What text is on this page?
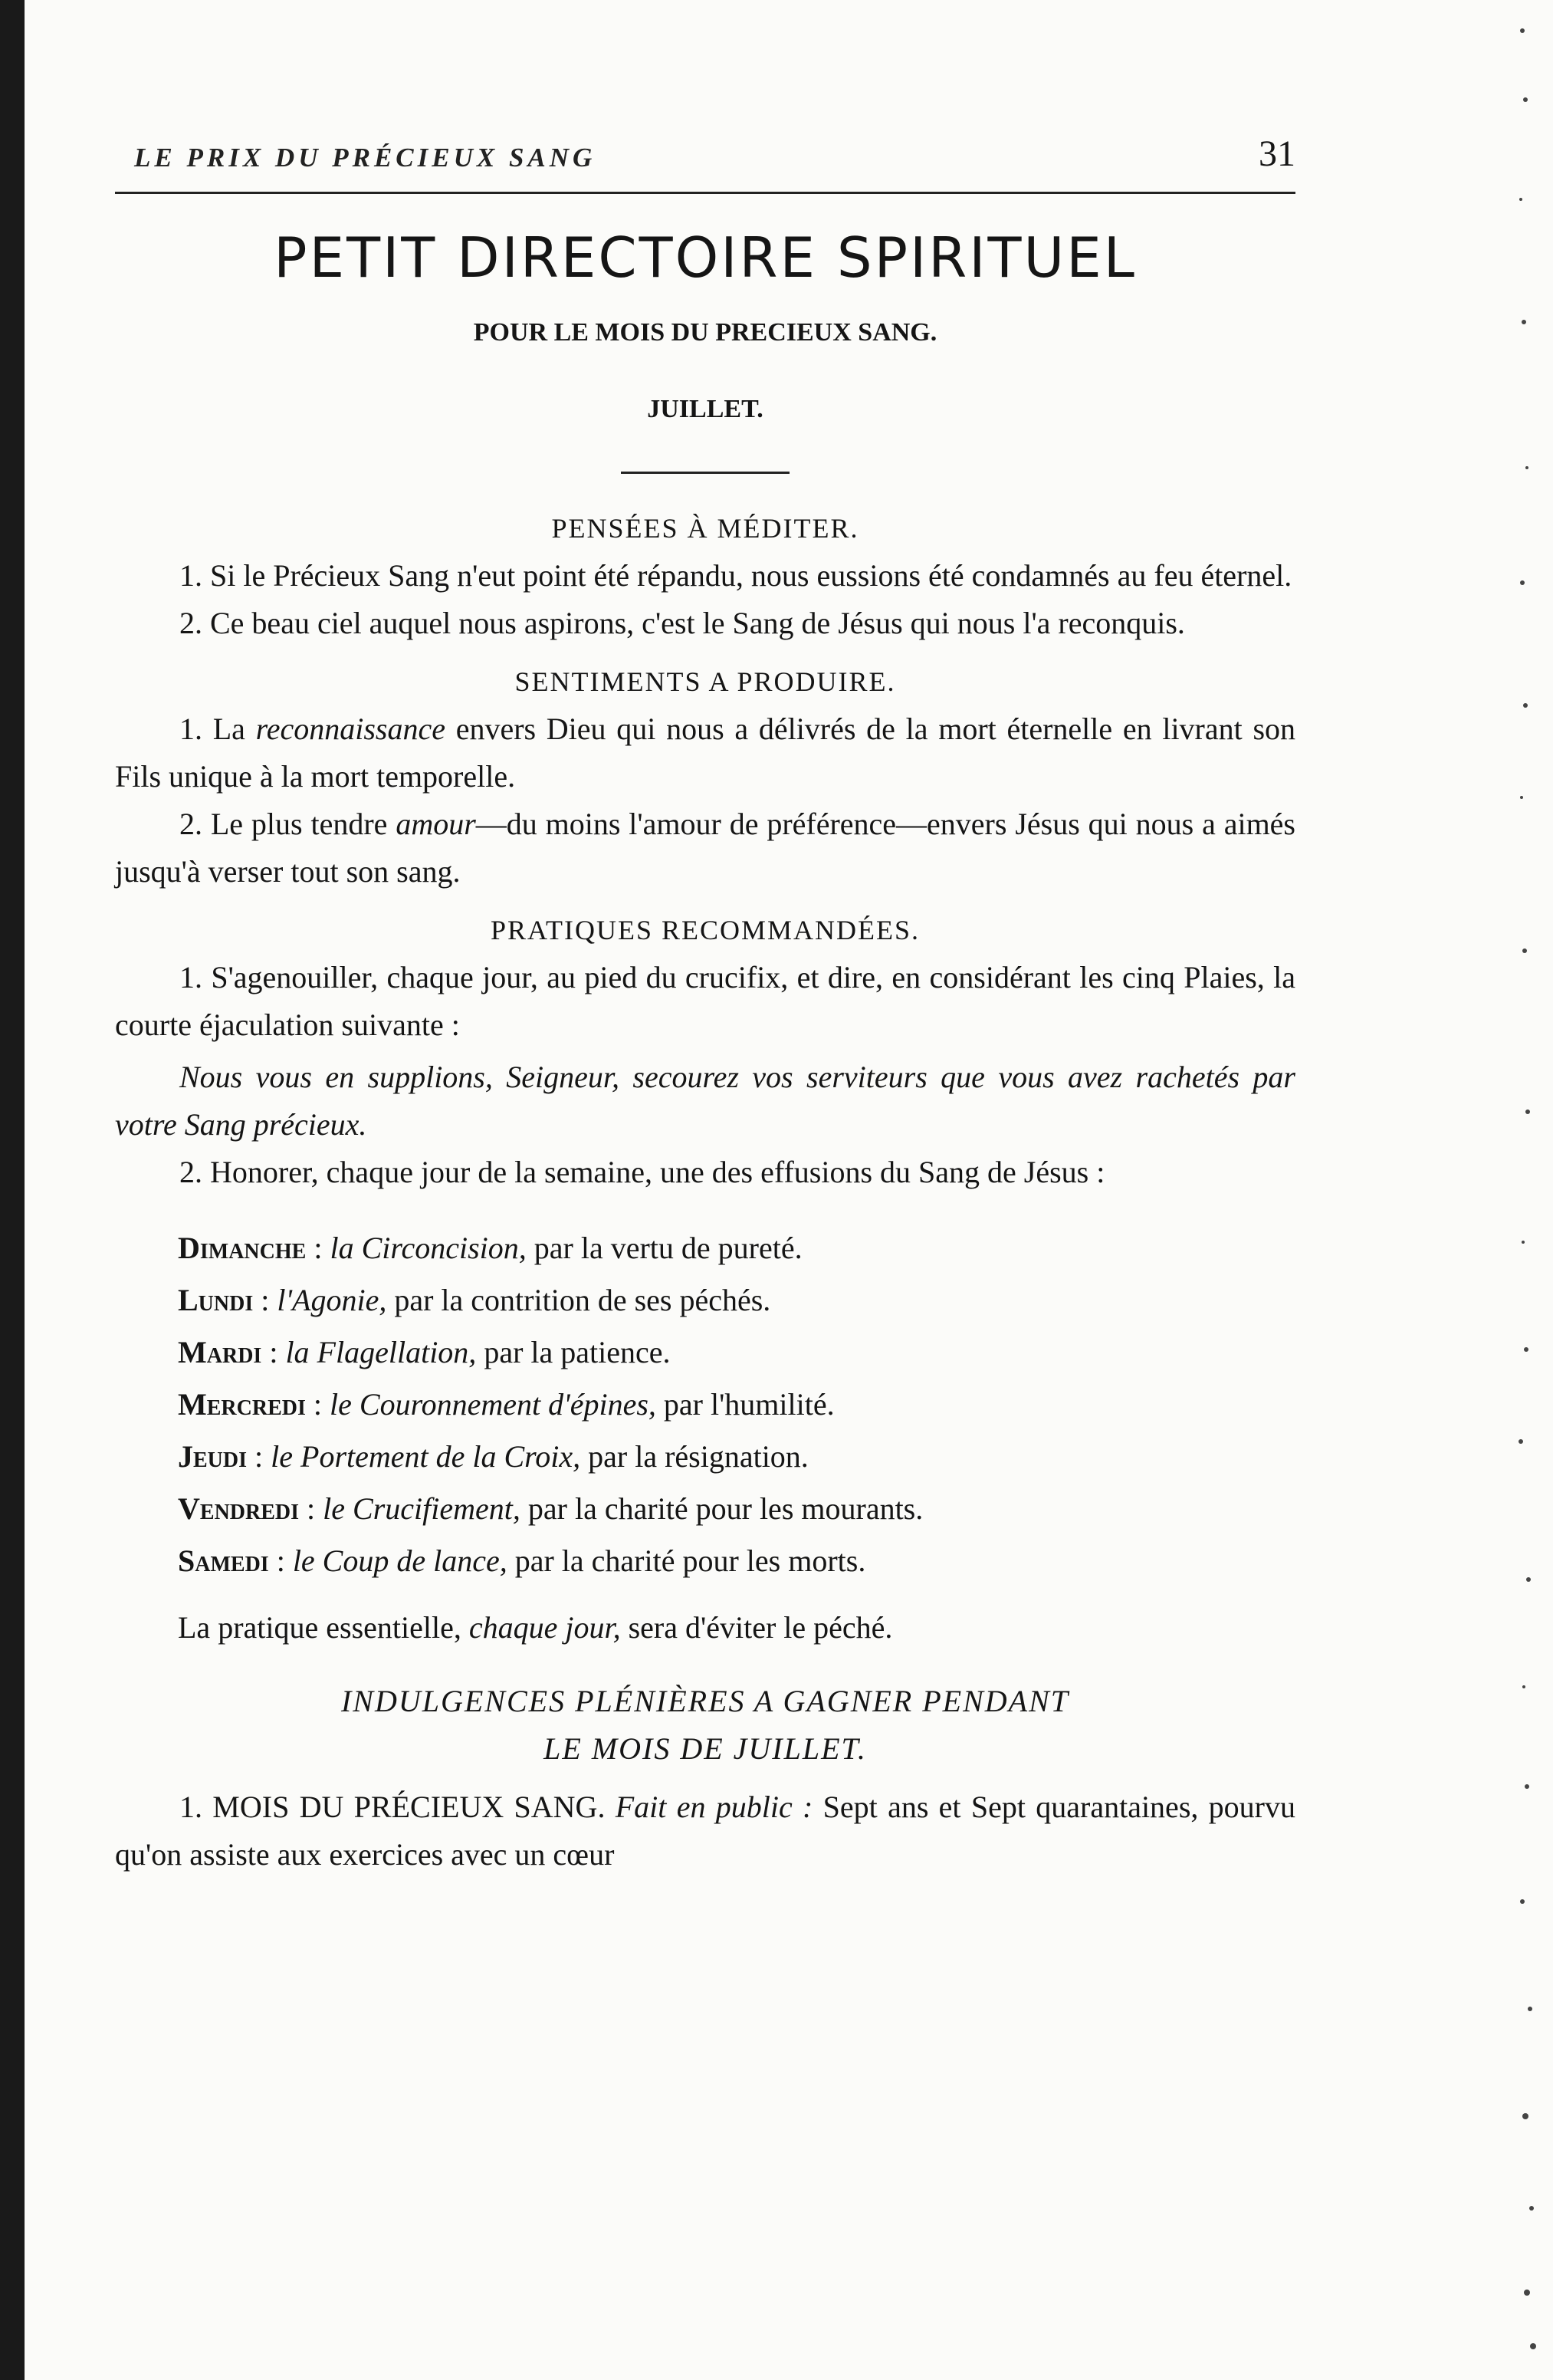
LE PRIX DU PRÉCIEUX SANG	31
PETIT DIRECTOIRE SPIRITUEL
POUR LE MOIS DU PRECIEUX SANG.
JUILLET.
PENSÉES À MÉDITER.

1. Si le Précieux Sang n'eut point été répandu, nous eussions été condamnés au feu éternel.

2. Ce beau ciel auquel nous aspirons, c'est le Sang de Jésus qui nous l'a reconquis.

SENTIMENTS A PRODUIRE.

1. La reconnaissance envers Dieu qui nous a délivrés de la mort éternelle en livrant son Fils unique à la mort temporelle.

2. Le plus tendre amour—du moins l'amour de préférence—envers Jésus qui nous a aimés jusqu'à verser tout son sang.

PRATIQUES RECOMMANDÉES.

1. S'agenouiller, chaque jour, au pied du crucifix, et dire, en considérant les cinq Plaies, la courte éjaculation suivante :

Nous vous en supplions, Seigneur, secourez vos serviteurs que vous avez rachetés par votre Sang précieux.

2. Honorer, chaque jour de la semaine, une des effusions du Sang de Jésus :

Dimanche : la Circoncision, par la vertu de pureté.
Lundi : l'Agonie, par la contrition de ses péchés.
Mardi : la Flagellation, par la patience.
Mercredi : le Couronnement d'épines, par l'humilité.
Jeudi : le Portement de la Croix, par la résignation.
Vendredi : le Crucifiement, par la charité pour les mourants.
Samedi : le Coup de lance, par la charité pour les morts.

La pratique essentielle, chaque jour, sera d'éviter le péché.

INDULGENCES PLÉNIÈRES A GAGNER PENDANT
LE MOIS DE JUILLET.

1. MOIS DU PRÉCIEUX SANG. Fait en public : Sept ans et Sept quarantaines, pourvu qu'on assiste aux exercices avec un cœur
